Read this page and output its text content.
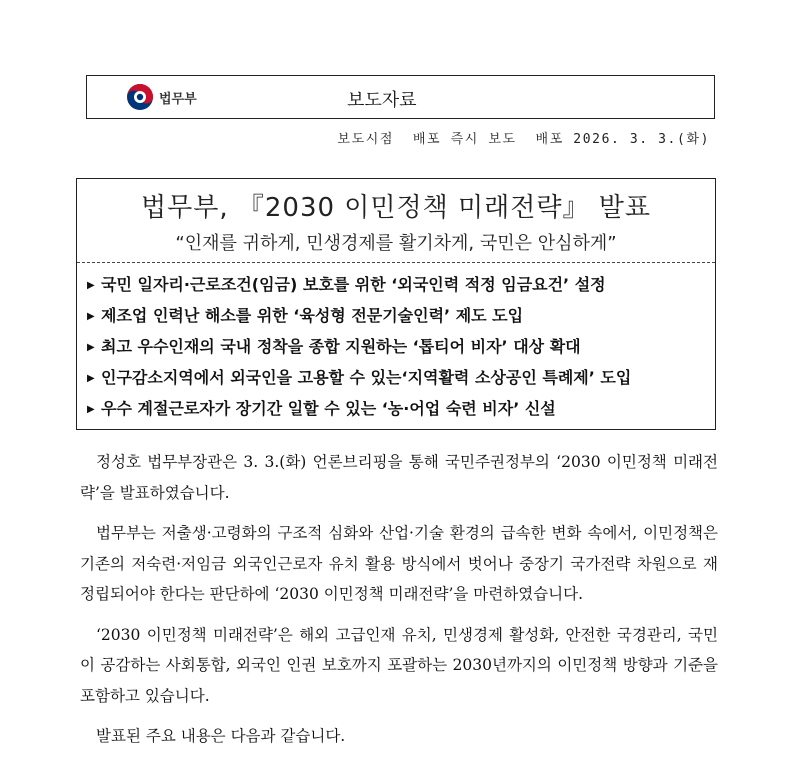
법무부	보도자료
보도시점  배포 즉시 보도  배포 2026. 3. 3.(화)
법무부, 『2030 이민정책 미래전략』 발표
“인재를 귀하게, 민생경제를 활기차게, 국민은 안심하게”
▶ 국민 일자리·근로조건(임금) 보호를 위한 ‘외국인력 적정 임금요건’ 설정
▶ 제조업 인력난 해소를 위한 ‘육성형 전문기술인력’ 제도 도입
▶ 최고 우수인재의 국내 정착을 종합 지원하는 ‘톱티어 비자’ 대상 확대
▶ 인구감소지역에서 외국인을 고용할 수 있는‘지역활력 소상공인 특례제’ 도입
▶ 우수 계절근로자가 장기간 일할 수 있는 ‘농·어업 숙련 비자’ 신설

정성호 법무부장관은 3. 3.(화) 언론브리핑을 통해 국민주권정부의 ‘2030 이민정책 미래전략’을 발표하였습니다.

법무부는 저출생·고령화의 구조적 심화와 산업·기술 환경의 급속한 변화 속에서, 이민정책은 기존의 저숙련·저임금 외국인근로자 유치 활용 방식에서 벗어나 중장기 국가전략 차원으로 재정립되어야 한다는 판단하에 ‘2030 이민정책 미래전략’을 마련하였습니다.

‘2030 이민정책 미래전략’은 해외 고급인재 유치, 민생경제 활성화, 안전한 국경관리, 국민이 공감하는 사회통합, 외국인 인권 보호까지 포괄하는 2030년까지의 이민정책 방향과 기준을 포함하고 있습니다.

발표된 주요 내용은 다음과 같습니다.
